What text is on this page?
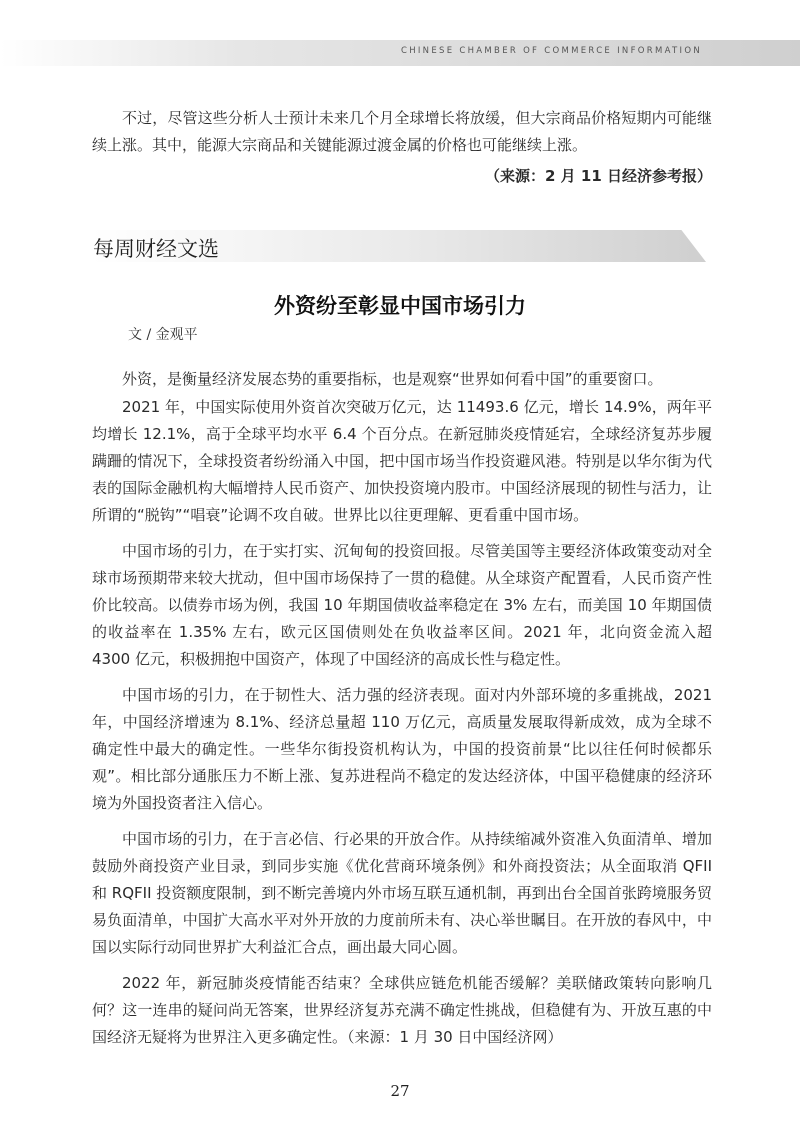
CHINESE CHAMBER OF COMMERCE INFORMATION

不过，尽管这些分析人士预计未来几个月全球增长将放缓，但大宗商品价格短期内可能继续上涨。其中，能源大宗商品和关键能源过渡金属的价格也可能继续上涨。

（来源：2 月 11 日经济参考报）
每周财经文选
外资纷至彰显中国市场引力
文 / 金观平

外资，是衡量经济发展态势的重要指标，也是观察“世界如何看中国”的重要窗口。

2021 年，中国实际使用外资首次突破万亿元，达 11493.6 亿元，增长 14.9%，两年平均增长 12.1%，高于全球平均水平 6.4 个百分点。在新冠肺炎疫情延宕，全球经济复苏步履蹒跚的情况下，全球投资者纷纷涌入中国，把中国市场当作投资避风港。特别是以华尔街为代表的国际金融机构大幅增持人民币资产、加快投资境内股市。中国经济展现的韧性与活力，让所谓的“脱钩”“唱衰”论调不攻自破。世界比以往更理解、更看重中国市场。

中国市场的引力，在于实打实、沉甸甸的投资回报。尽管美国等主要经济体政策变动对全球市场预期带来较大扰动，但中国市场保持了一贯的稳健。从全球资产配置看，人民币资产性价比较高。以债券市场为例，我国 10 年期国债收益率稳定在 3% 左右，而美国 10 年期国债的收益率在 1.35% 左右，欧元区国债则处在负收益率区间。2021 年，北向资金流入超 4300 亿元，积极拥抱中国资产，体现了中国经济的高成长性与稳定性。

中国市场的引力，在于韧性大、活力强的经济表现。面对内外部环境的多重挑战，2021 年，中国经济增速为 8.1%、经济总量超 110 万亿元，高质量发展取得新成效，成为全球不确定性中最大的确定性。一些华尔街投资机构认为，中国的投资前景“比以往任何时候都乐观”。相比部分通胀压力不断上涨、复苏进程尚不稳定的发达经济体，中国平稳健康的经济环境为外国投资者注入信心。

中国市场的引力，在于言必信、行必果的开放合作。从持续缩减外资准入负面清单、增加鼓励外商投资产业目录，到同步实施《优化营商环境条例》和外商投资法；从全面取消 QFII 和 RQFII 投资额度限制，到不断完善境内外市场互联互通机制，再到出台全国首张跨境服务贸易负面清单，中国扩大高水平对外开放的力度前所未有、决心举世瞩目。在开放的春风中，中国以实际行动同世界扩大利益汇合点，画出最大同心圆。

2022 年，新冠肺炎疫情能否结束？全球供应链危机能否缓解？美联储政策转向影响几何？这一连串的疑问尚无答案，世界经济复苏充满不确定性挑战，但稳健有为、开放互惠的中国经济无疑将为世界注入更多确定性。（来源：1 月 30 日中国经济网）

27
